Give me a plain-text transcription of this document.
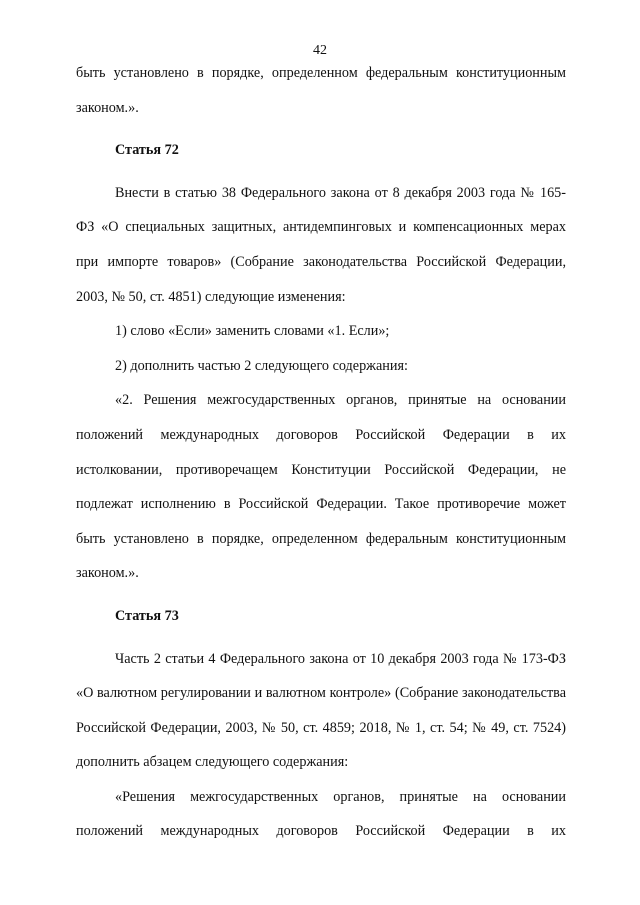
42

быть установлено в порядке, определенном федеральным конституционным законом.».

Статья 72

Внести в статью 38 Федерального закона от 8 декабря 2003 года № 165-ФЗ «О специальных защитных, антидемпинговых и компенсационных мерах при импорте товаров» (Собрание законодательства Российской Федерации, 2003, № 50, ст. 4851) следующие изменения:

1) слово «Если» заменить словами «1. Если»;

2) дополнить частью 2 следующего содержания:

«2. Решения межгосударственных органов, принятые на основании положений международных договоров Российской Федерации в их истолковании, противоречащем Конституции Российской Федерации, не подлежат исполнению в Российской Федерации. Такое противоречие может быть установлено в порядке, определенном федеральным конституционным законом.».

Статья 73

Часть 2 статьи 4 Федерального закона от 10 декабря 2003 года № 173-ФЗ «О валютном регулировании и валютном контроле» (Собрание законодательства Российской Федерации, 2003, № 50, ст. 4859; 2018, № 1, ст. 54; № 49, ст. 7524) дополнить абзацем следующего содержания:

«Решения межгосударственных органов, принятые на основании положений международных договоров Российской Федерации в их
